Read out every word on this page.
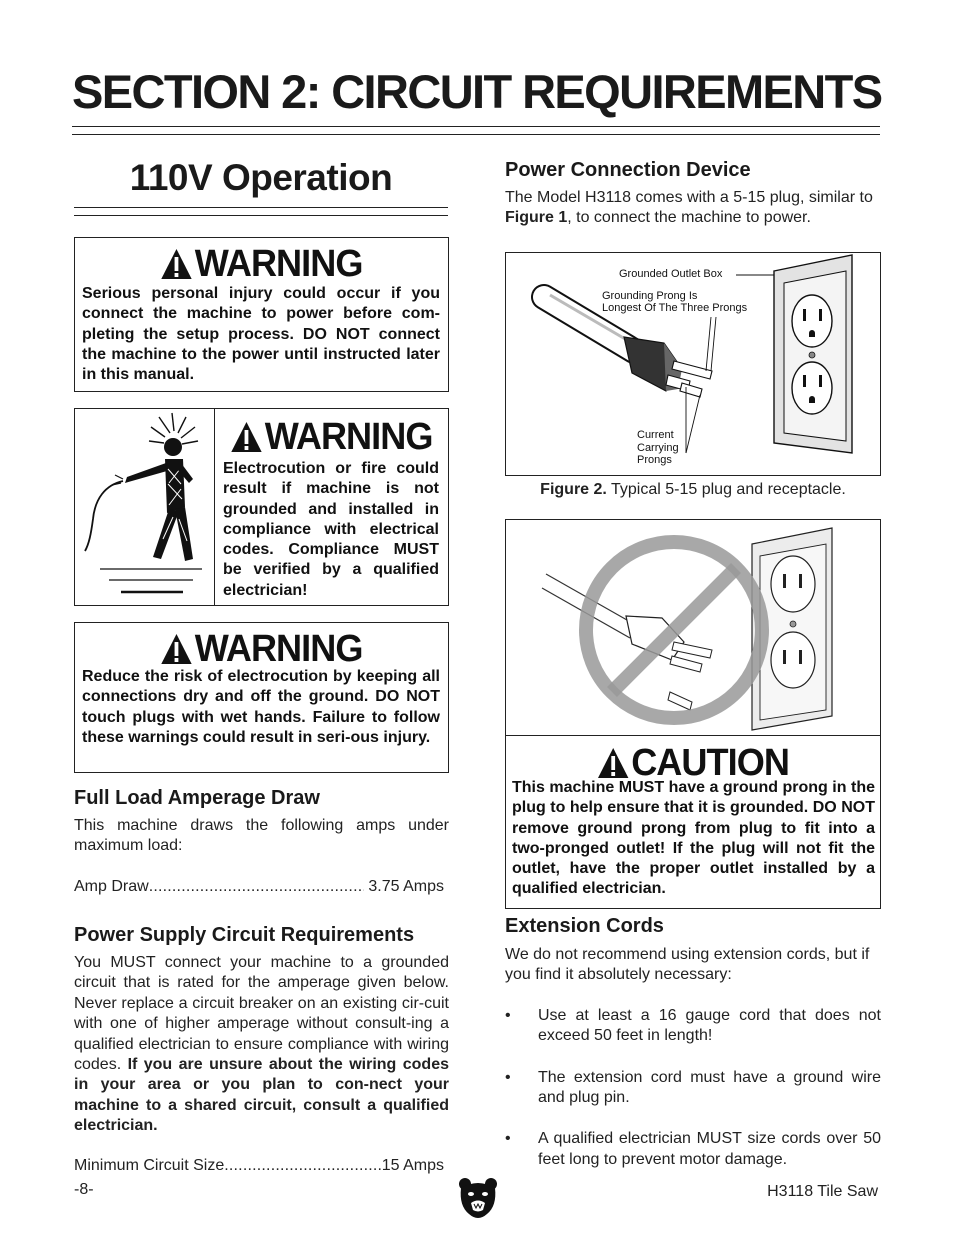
SECTION 2: CIRCUIT REQUIREMENTS
110V Operation
WARNING
Serious personal injury could occur if you connect the machine to power before com-pleting the setup process. DO NOT connect the machine to the power until instructed later in this manual.
WARNING
Electrocution or fire could result if machine is not grounded and installed in compliance with electrical codes. Compliance MUST be verified by a qualified electrician!
WARNING
Reduce the risk of electrocution by keeping all connections dry and off the ground. DO NOT touch plugs with wet hands. Failure to follow these warnings could result in seri-ous injury.
Full Load Amperage Draw
This machine draws the following amps under maximum load:
Amp Draw .....	3.75 Amps
Power Supply Circuit Requirements
You MUST connect your machine to a grounded circuit that is rated for the amperage given below. Never replace a circuit breaker on an existing cir-cuit with one of higher amperage without consult-ing a qualified electrician to ensure compliance with wiring codes. If you are unsure about the wiring codes in your area or you plan to con-nect your machine to a shared circuit, consult a qualified electrician.
Minimum Circuit Size .....	15 Amps
Power Connection Device
The Model H3118 comes with a 5-15 plug, similar to Figure 1, to connect the machine to power.
Grounded Outlet Box
Grounding Prong Is
Longest Of The Three Prongs
Current
Carrying
Prongs
Figure 2. Typical 5-15 plug and receptacle.
CAUTION
This machine MUST have a ground prong in the plug to help ensure that it is grounded. DO NOT remove ground prong from plug to fit into a two-pronged outlet! If the plug will not fit the outlet, have the proper outlet installed by a qualified electrician.
Extension Cords
We do not recommend using extension cords, but if you find it absolutely necessary:
•	Use at least a 16 gauge cord that does not exceed 50 feet in length!
•	The extension cord must have a ground wire and plug pin.
•	A qualified electrician MUST size cords over 50 feet long to prevent motor damage.
-8-	H3118 Tile Saw
